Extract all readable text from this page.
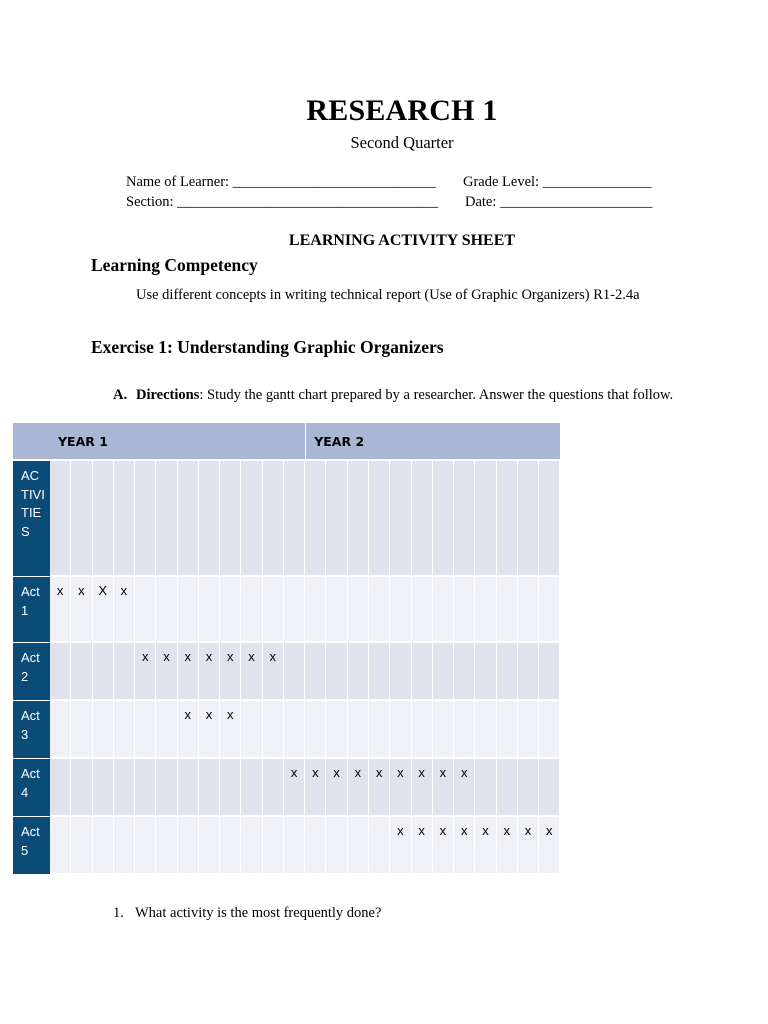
RESEARCH 1
Second Quarter
Name of Learner: ____________________________ Grade Level: _______________
Section: ____________________________________ Date: _____________________
LEARNING ACTIVITY SHEET
Learning Competency
Use different concepts in writing technical report (Use of Graphic Organizers) R1-2.4a
Exercise 1: Understanding Graphic Organizers
A. Directions: Study the gantt chart prepared by a researcher. Answer the questions that follow.
	YEAR 1												YEAR 2											
ACTIVITIES																								
Act 1	x	x	X	x																				
Act 2					x	x	x	x	x	x	x													
Act 3							x	x	x															
Act 4												x	x	x	x	x	x	x	x	x				
Act 5																	x	x	x	x	x	x	x	x
1. What activity is the most frequently done?
